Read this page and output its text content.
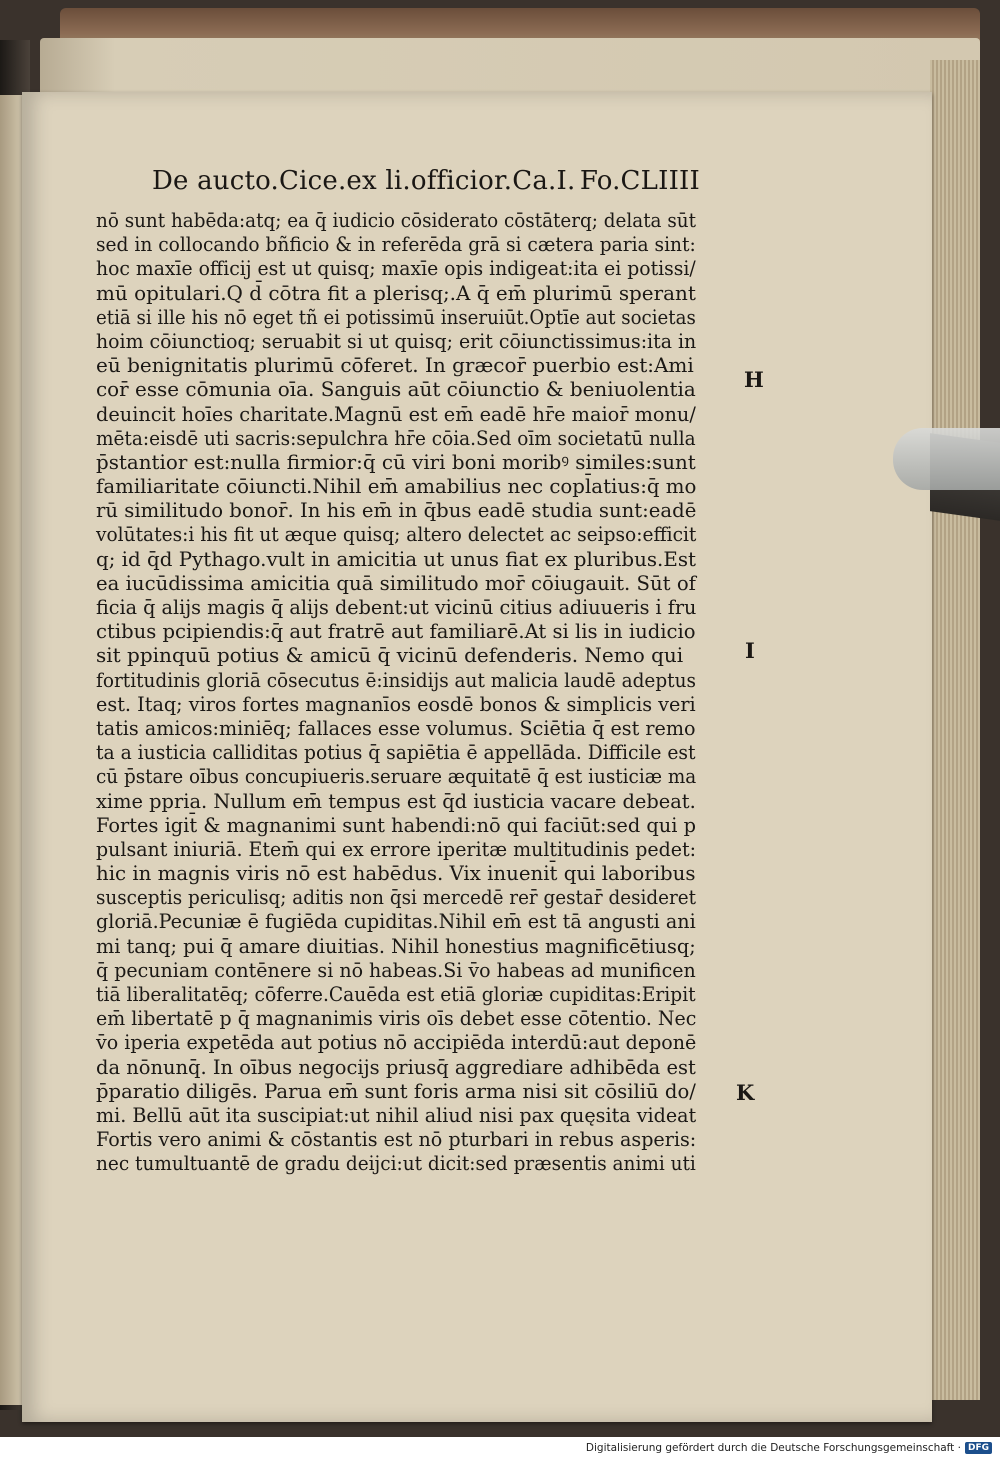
De aucto.Cice.ex li.officior.Ca.I. Fo.CLIIII
nō sunt habēda:atq; ea q̄ iudicio cōsiderato cōstāterq; delata sūt
sed in collocando bñficio & in referēda grā si cætera paria sint:
hoc maxīe officij est ut quisq; maxīe opis indigeat:ita ei potissi/
mū opitulari.Q d̄ cōtra fit a plerisq;.A q̄ em̄ plurimū sperant
etiā si ille his nō eget tñ ei potissimū inseruiūt.Optīe aut societas
hoim cōiunctioq; seruabit si ut quisq; erit cōiunctissimus:ita in
eū benignitatis plurimū cōferet. In græcor̄ puerbio est:Ami
cor̄ esse cōmunia oīa. Sanguis aūt cōiunctio & beniuolentia
deuincit hoīes charitate.Magnū est em̄ eadē hr̄e maior̄ monu/
mēta:eisdē uti sacris:sepulchra hr̄e cōia.Sed oīm societatū nulla
p̄stantior est:nulla firmior:q̄ cū viri boni moribꝰ similes:sunt
familiaritate cōiuncti.Nihil em̄ amabilius nec copl̄atius:q̄ mo
rū similitudo bonor̄. In his em̄ in q̄bus eadē studia sunt:eadē
volūtates:i his fit ut æque quisq; altero delectet ac seipso:efficit
q; id q̄d Pythago.vult in amicitia ut unus fiat ex pluribus.Est
ea iucūdissima amicitia quā similitudo mor̄ cōiugauit. Sūt of
ficia q̄ alijs magis q̄ alijs debent:ut vicinū citius adiuueris i̇ fru
ctibus pcipiendis:q̄ aut fratrē aut familiarē.At si lis in iudicio
sit ppinquū potius & amicū q̄ vicinū defenderis. Nemo qui
fortitudinis gloriā cōsecutus ē:insidijs aut malicia laudē adeptus
est. Itaq; viros fortes magnanīos eosdē bonos & simplicis veri
tatis amicos:miniēq; fallaces esse volumus. Sciētia q̄ est remo
ta a iusticia calliditas potius q̄ sapiētia ē appellāda. Difficile est
cū p̄stare oībus concupiueris.seruare æquitatē q̄ est iusticiæ ma
xime ppria. Nullum em̄ tempus est q̄d iusticia vacare debeat.
Fortes igit̄ & magnanimi sunt habendi:nō qui faciūt:sed qui p
pulsant iniuriā. Etem̄ qui ex errore iperitæ multitudinis pedet:
hic in magnis viris nō est habēdus. Vix inuenit̄ qui laboribus
susceptis periculisq; aditis non q̄si mercedē rer̄ gestar̄ desideret
gloriā.Pecuniæ ē fugiēda cupiditas.Nihil em̄ est tā angusti ani
mi tanq; pui q̄ amare diuitias. Nihil honestius magnificētiusq;
q̄ pecuniam contēnere si nō habeas.Si v̄o habeas ad munificen
tiā liberalitatēq; cōferre.Cauēda est etiā gloriæ cupiditas:Eripit
em̄ libertatē p q̄ magnanimis viris oīs debet esse cōtentio. Nec
v̄o iperia expetēda aut potius nō accipiēda interdū:aut deponē
da nōnunq̄. In oībus negocijs priusq̄ aggrediare adhibēda est
p̄paratio diligēs. Parua em̄ sunt foris arma nisi sit cōsiliū do/
mi. Bellū aūt ita suscipiat:ut nihil aliud nisi pax quęsita videat
Fortis vero animi & cōstantis est nō pturbari in rebus asperis:
nec tumultuantē de gradu deijci:ut dicit:sed præsentis animi uti
H
I
K
Digitalisierung gefördert durch die Deutsche Forschungsgemeinschaft · DFG
